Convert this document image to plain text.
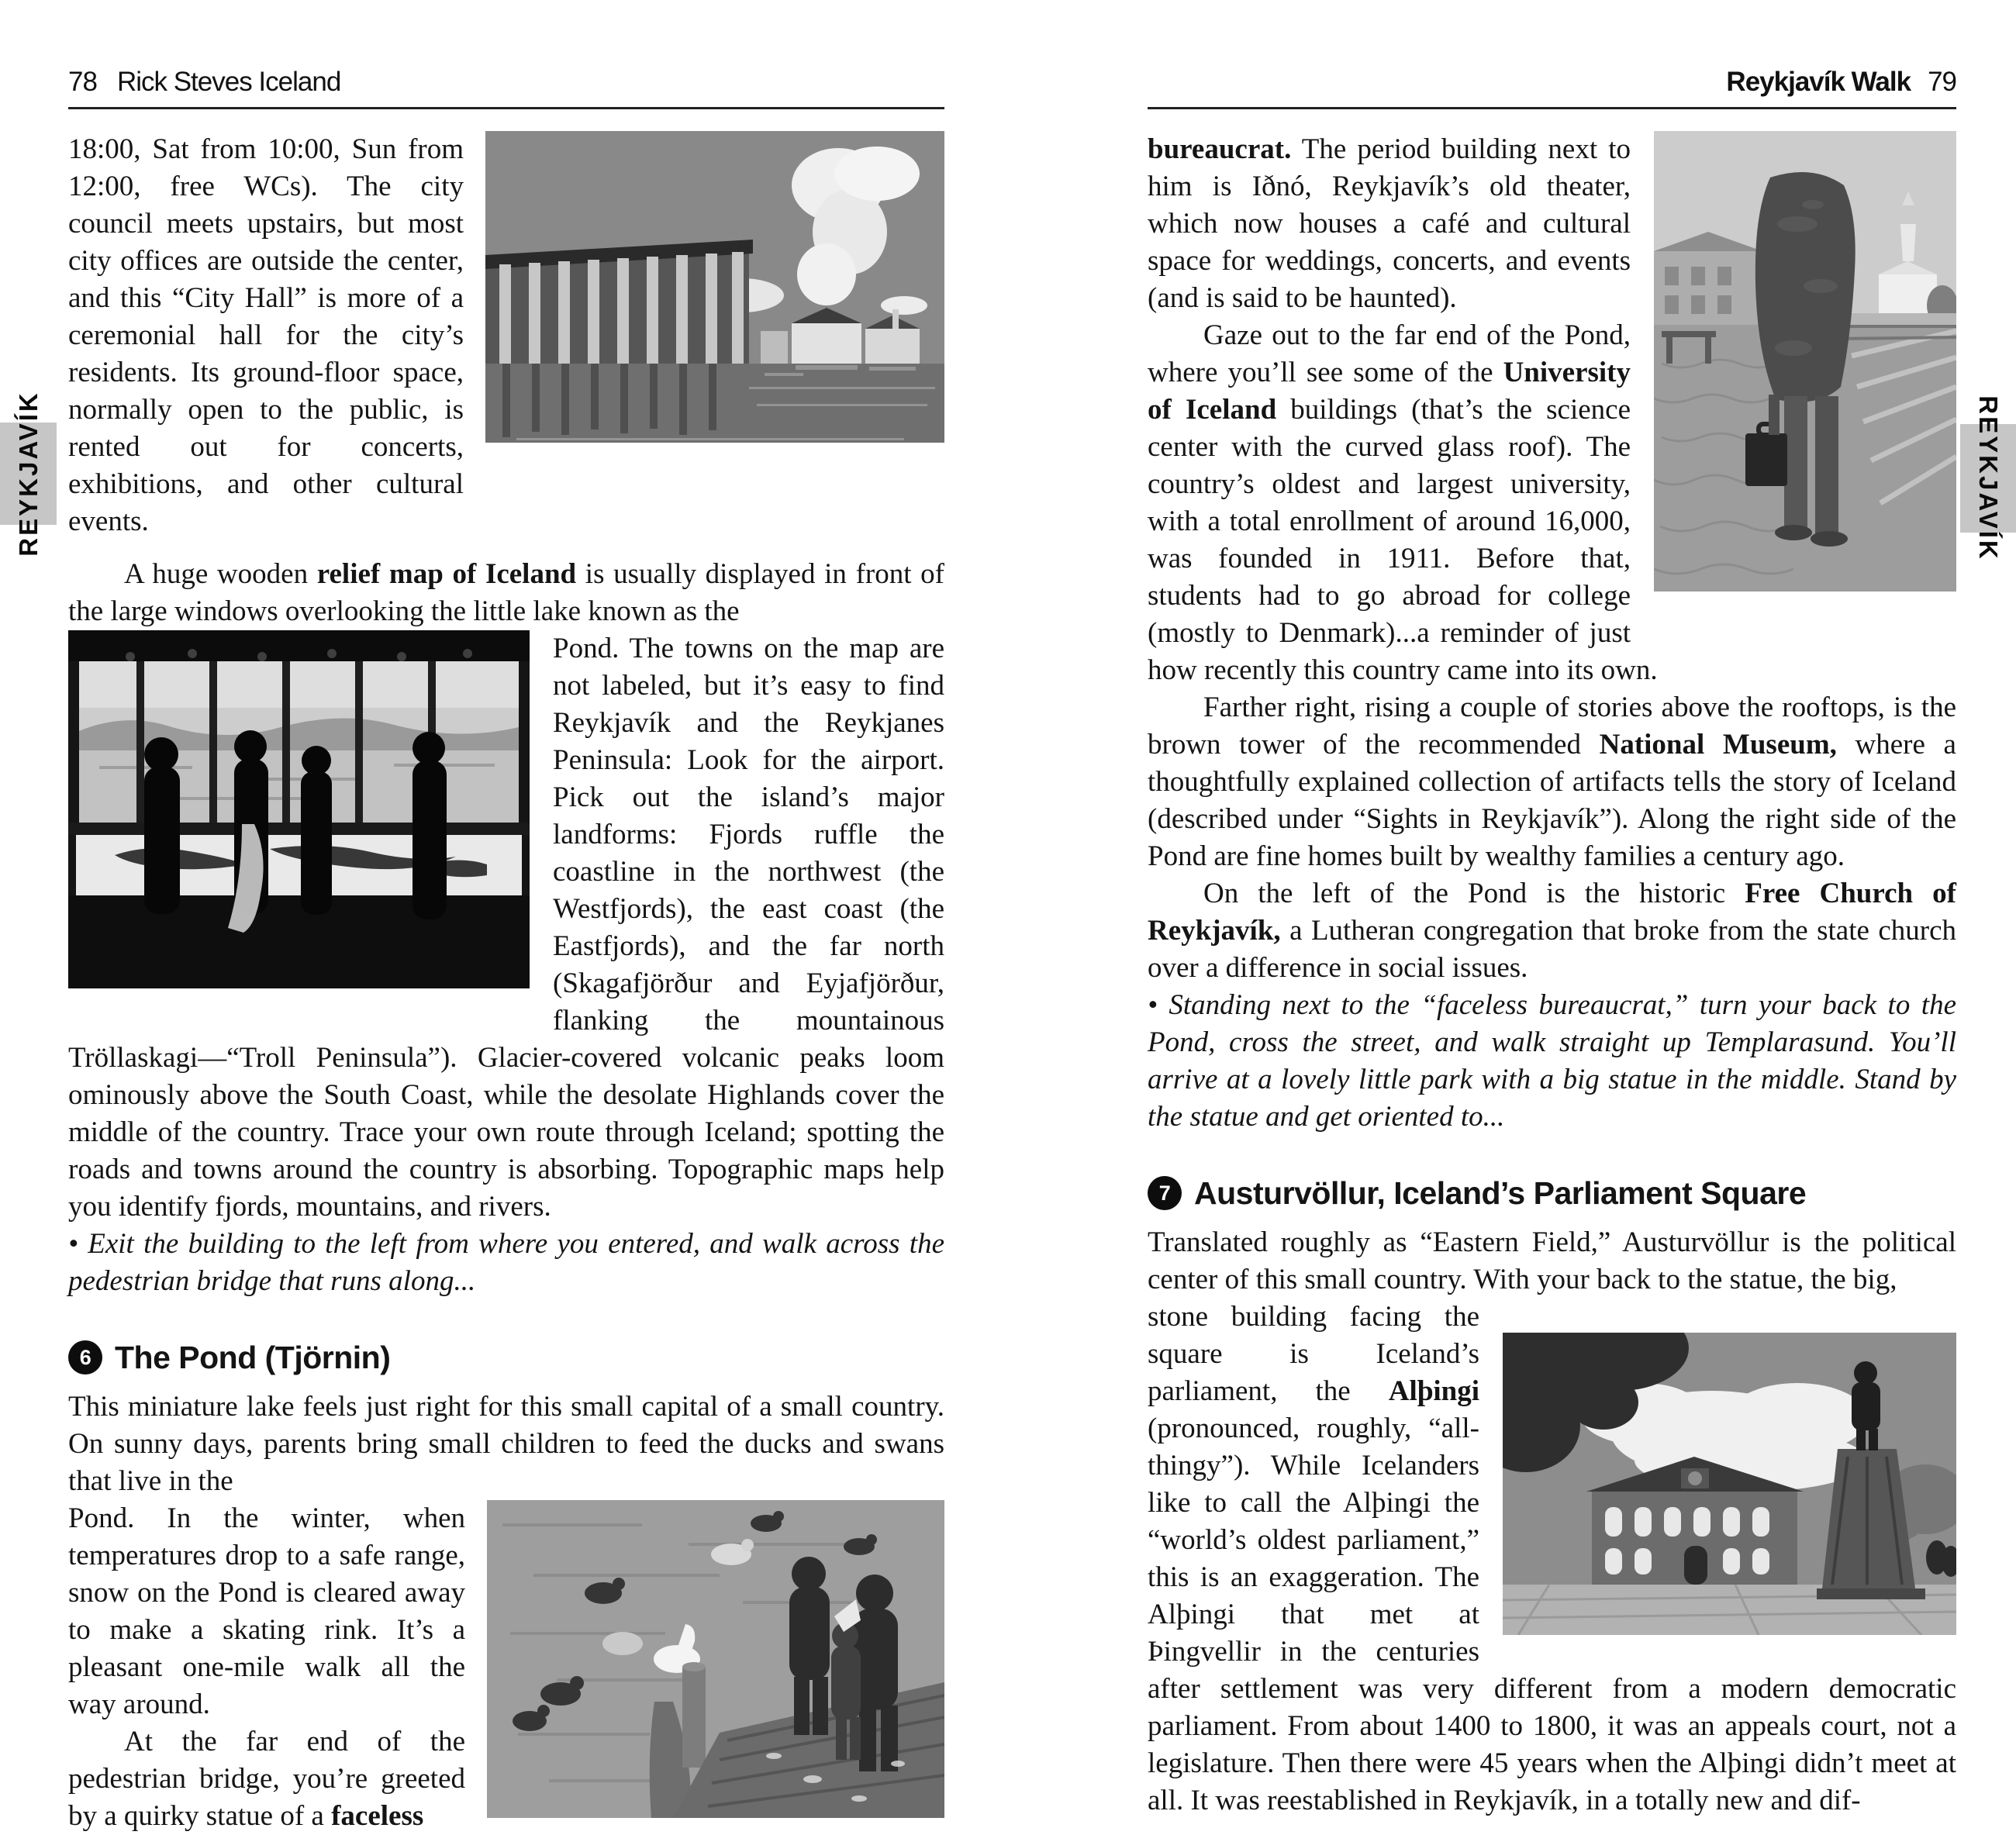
78 Rick Steves Iceland

18:00, Sat from 10:00, Sun from 12:00, free WCs). The city council meets upstairs, but most city offices are outside the center, and this “City Hall” is more of a ceremonial hall for the city’s residents. Its ground-floor space, normally open to the public, is rented out for concerts, exhibitions, and other cultural events.

A huge wooden relief map of Iceland is usually displayed in front of the large windows overlooking the little lake known as the

Pond. The towns on the map are not labeled, but it’s easy to find Reykjavík and the Reykjanes Peninsula: Look for the airport. Pick out the island’s major landforms: Fjords ruffle the coastline in the northwest (the Westfjords), the east coast (the Eastfjords), and the far north (Skagafjörður and Eyjafjörður, flanking the mountainous Tröllaskagi—“Troll Peninsula”). Glacier-covered volcanic peaks loom ominously above the South Coast, while the desolate Highlands cover the middle of the country. Trace your own route through Iceland; spotting the roads and towns around the country is absorbing. Topographic maps help you identify fjords, mountains, and rivers.

• Exit the building to the left from where you entered, and walk across the pedestrian bridge that runs along...

6 The Pond (Tjörnin)

This miniature lake feels just right for this small capital of a small country. On sunny days, parents bring small children to feed the ducks and swans that live in the

Pond. In the winter, when temperatures drop to a safe range, snow on the Pond is cleared away to make a skating rink. It’s a pleasant one-mile walk all the way around.

At the far end of the pedestrian bridge, you’re greeted by a quirky statue of a faceless

Reykjavík Walk 79

bureaucrat. The period building next to him is Iðnó, Reykjavík’s old theater, which now houses a café and cultural space for weddings, concerts, and events (and is said to be haunted).

Gaze out to the far end of the Pond, where you’ll see some of the University of Iceland buildings (that’s the science center with the curved glass roof). The country’s oldest and largest university, with a total enrollment of around 16,000, was founded in 1911. Before that, students had to go abroad for college (mostly to Denmark)...a reminder of just how recently this country came into its own.

Farther right, rising a couple of stories above the rooftops, is the brown tower of the recommended National Museum, where a thoughtfully explained collection of artifacts tells the story of Iceland (described under “Sights in Reykjavík”). Along the right side of the Pond are fine homes built by wealthy families a century ago.

On the left of the Pond is the historic Free Church of Reykjavík, a Lutheran congregation that broke from the state church over a difference in social issues.

• Standing next to the “faceless bureaucrat,” turn your back to the Pond, cross the street, and walk straight up Templarasund. You’ll arrive at a lovely little park with a big statue in the middle. Stand by the statue and get oriented to...

7 Austurvöllur, Iceland’s Parliament Square

Translated roughly as “Eastern Field,” Austurvöllur is the political center of this small country. With your back to the statue, the big,

stone building facing the square is Iceland’s parliament, the Alþingi (pronounced, roughly, “all-thingy”). While Icelanders like to call the Alþingi the “world’s oldest parliament,” this is an exaggeration. The Alþingi that met at Þingvellir in the centuries after settlement was very different from a modern democratic parliament. From about 1400 to 1800, it was an appeals court, not a legislature. Then there were 45 years when the Alþingi didn’t meet at all. It was reestablished in Reykjavík, in a totally new and dif-

REYKJAVÍK	REYKJAVÍK
